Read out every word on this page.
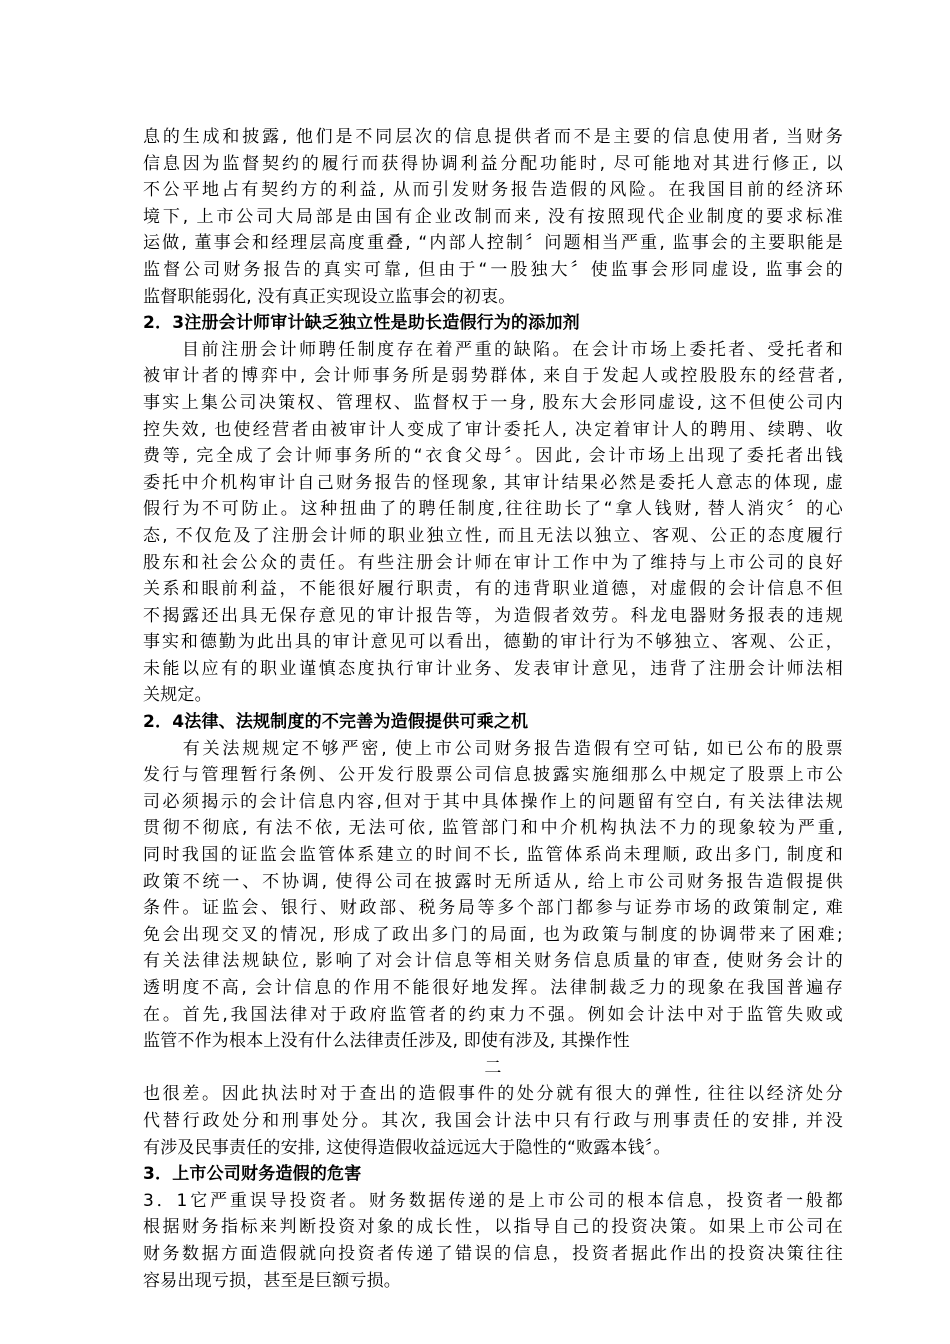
息的生成和披露, 他们是不同层次的信息提供者而不是主要的信息使用者, 当财务
信息因为监督契约的履行而获得协调利益分配功能时, 尽可能地对其进行修正, 以
不公平地占有契约方的利益, 从而引发财务报告造假的风险。在我国目前的经济环
境下, 上市公司大局部是由国有企业改制而来, 没有按照现代企业制度的要求标准
运做, 董事会和经理层高度重叠, “内部人控制〞问题相当严重, 监事会的主要职能是
监督公司财务报告的真实可靠, 但由于“一股独大〞使监事会形同虚设, 监事会的
监督职能弱化, 没有真正实现设立监事会的初衷。
2．3注册会计师审计缺乏独立性是助长造假行为的添加剂
　　目前注册会计师聘任制度存在着严重的缺陷。在会计市场上委托者、受托者和
被审计者的博弈中, 会计师事务所是弱势群体, 来自于发起人或控股股东的经营者,
事实上集公司决策权、管理权、监督权于一身, 股东大会形同虚设, 这不但使公司内
控失效, 也使经营者由被审计人变成了审计委托人, 决定着审计人的聘用、续聘、收
费等, 完全成了会计师事务所的“衣食父母〞。因此, 会计市场上出现了委托者出钱
委托中介机构审计自己财务报告的怪现象, 其审计结果必然是委托人意志的体现, 虚
假行为不可防止。这种扭曲了的聘任制度,往往助长了“拿人钱财, 替人消灾〞的心
态, 不仅危及了注册会计师的职业独立性, 而且无法以独立、客观、公正的态度履行
股东和社会公众的责任。有些注册会计师在审计工作中为了维持与上市公司的良好
关系和眼前利益，不能很好履行职责，有的违背职业道德，对虚假的会计信息不但
不揭露还出具无保存意见的审计报告等，为造假者效劳。科龙电器财务报表的违规
事实和德勤为此出具的审计意见可以看出，德勤的审计行为不够独立、客观、公正，
未能以应有的职业谨慎态度执行审计业务、发表审计意见，违背了注册会计师法相
关规定。
2．4法律、法规制度的不完善为造假提供可乘之机
　　有关法规规定不够严密, 使上市公司财务报告造假有空可钻, 如已公布的股票
发行与管理暂行条例、公开发行股票公司信息披露实施细那么中规定了股票上市公
司必须揭示的会计信息内容,但对于其中具体操作上的问题留有空白, 有关法律法规
贯彻不彻底, 有法不依, 无法可依, 监管部门和中介机构执法不力的现象较为严重,
同时我国的证监会监管体系建立的时间不长, 监管体系尚未理顺, 政出多门, 制度和
政策不统一、不协调, 使得公司在披露时无所适从, 给上市公司财务报告造假提供
条件。证监会、银行、财政部、税务局等多个部门都参与证券市场的政策制定, 难
免会出现交叉的情况, 形成了政出多门的局面, 也为政策与制度的协调带来了困难;
有关法律法规缺位, 影响了对会计信息等相关财务信息质量的审查, 使财务会计的
透明度不高, 会计信息的作用不能很好地发挥。法律制裁乏力的现象在我国普遍存
在。首先,我国法律对于政府监管者的约束力不强。例如会计法中对于监管失败或
监管不作为根本上没有什么法律责任涉及, 即使有涉及, 其操作性
二
也很差。因此执法时对于查出的造假事件的处分就有很大的弹性, 往往以经济处分
代替行政处分和刑事处分。其次, 我国会计法中只有行政与刑事责任的安排, 并没
有涉及民事责任的安排, 这使得造假收益远远大于隐性的“败露本钱〞。
3．上市公司财务造假的危害
3．1它严重误导投资者。财务数据传递的是上市公司的根本信息，投资者一般都
根据财务指标来判断投资对象的成长性，以指导自己的投资决策。如果上市公司在
财务数据方面造假就向投资者传递了错误的信息，投资者据此作出的投资决策往往
容易出现亏损，甚至是巨额亏损。
